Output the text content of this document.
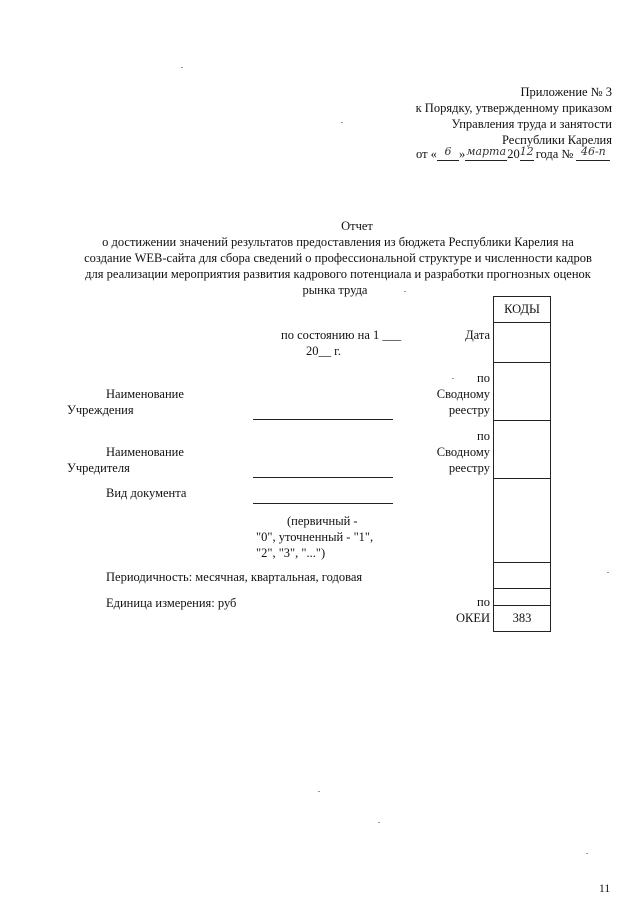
Приложение № 3
к Порядку, утвержденному приказом
Управления труда и занятости
Республики Карелия
от « 6 »марта2012 года № 46-п
Отчет
о достижении значений результатов предоставления из бюджета Республики Карелия на
создание WEB-сайта для сбора сведений о профессиональной структуре и численности кадров
для реализации мероприятия развития кадрового потенциала и разработки прогнозных оценок
рынка труда
КОДЫ
383
Дата
по
Сводному
реестру
по
Сводному
реестру
по
ОКЕИ
по состоянию на 1 ___
20__ г.
Наименование
Учреждения
Наименование
Учредителя
Вид документа
(первичный -
"0", уточненный - "1",
"2", "3", "...")
Периодичность: месячная, квартальная, годовая
Единица измерения: руб
11
